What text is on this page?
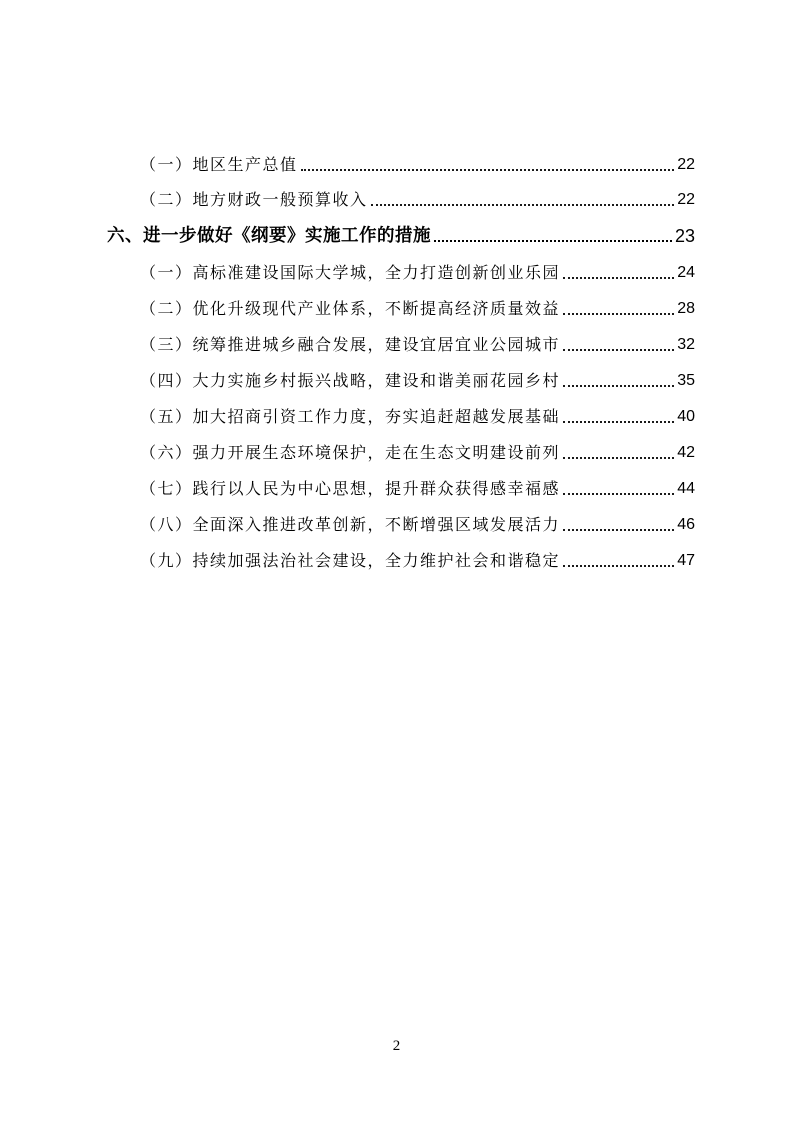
（一）地区生产总值	22
（二）地方财政一般预算收入	22
六、进一步做好《纲要》实施工作的措施	23
（一）高标准建设国际大学城，全力打造创新创业乐园	24
（二）优化升级现代产业体系，不断提高经济质量效益	28
（三）统筹推进城乡融合发展，建设宜居宜业公园城市	32
（四）大力实施乡村振兴战略，建设和谐美丽花园乡村	35
（五）加大招商引资工作力度，夯实追赶超越发展基础	40
（六）强力开展生态环境保护，走在生态文明建设前列	42
（七）践行以人民为中心思想，提升群众获得感幸福感	44
（八）全面深入推进改革创新，不断增强区域发展活力	46
（九）持续加强法治社会建设，全力维护社会和谐稳定	47
2
